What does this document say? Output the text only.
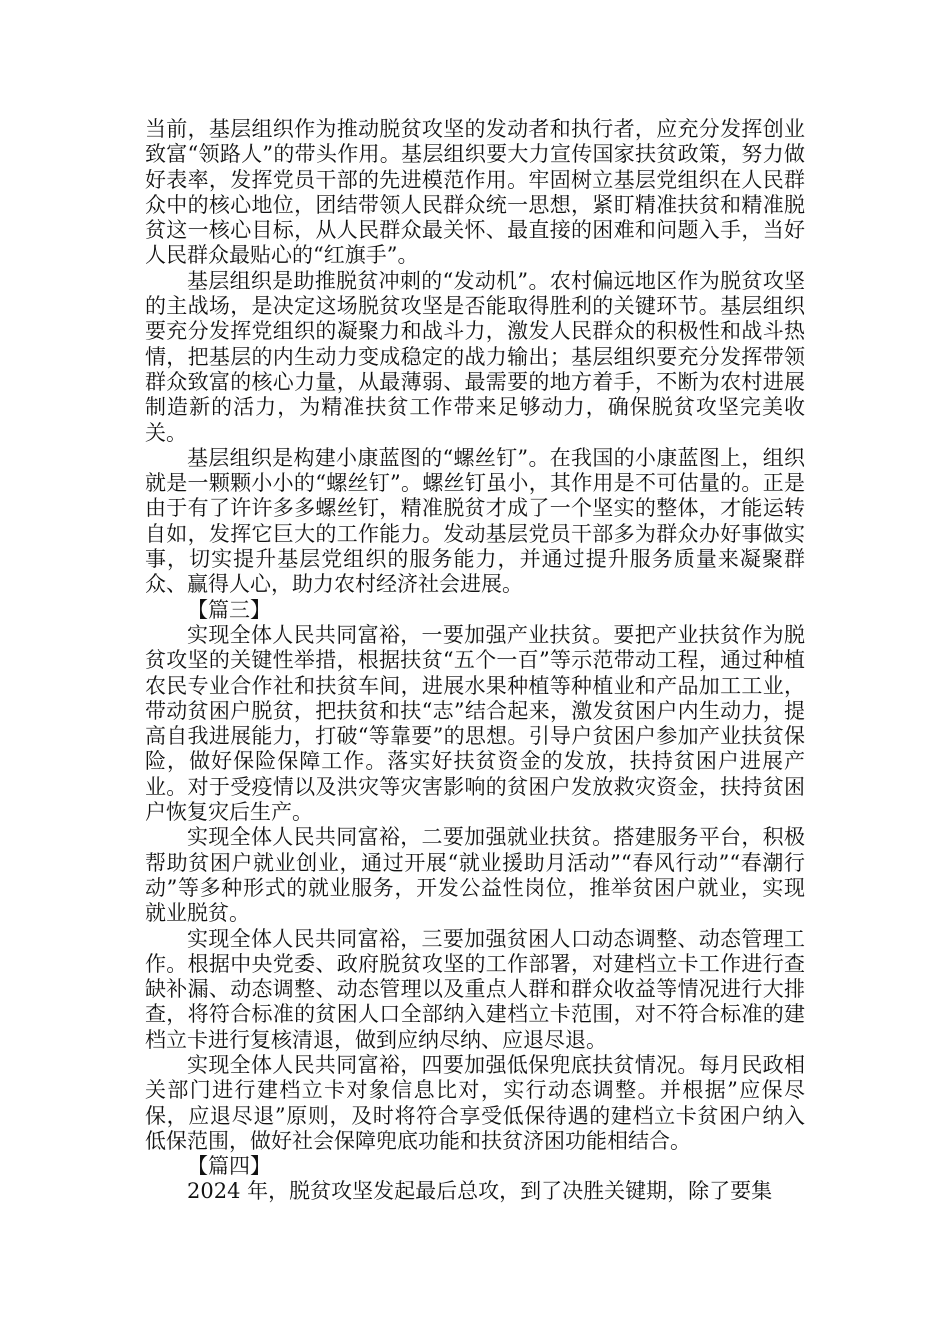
当前，基层组织作为推动脱贫攻坚的发动者和执行者，应充分发挥创业致富“领路人”的带头作用。基层组织要大力宣传国家扶贫政策，努力做好表率，发挥党员干部的先进模范作用。牢固树立基层党组织在人民群众中的核心地位，团结带领人民群众统一思想，紧盯精准扶贫和精准脱贫这一核心目标，从人民群众最关怀、最直接的困难和问题入手，当好人民群众最贴心的“红旗手”。

基层组织是助推脱贫冲刺的“发动机”。农村偏远地区作为脱贫攻坚的主战场，是决定这场脱贫攻坚是否能取得胜利的关键环节。基层组织要充分发挥党组织的凝聚力和战斗力，激发人民群众的积极性和战斗热情，把基层的内生动力变成稳定的战力输出；基层组织要充分发挥带领群众致富的核心力量，从最薄弱、最需要的地方着手，不断为农村进展制造新的活力，为精准扶贫工作带来足够动力，确保脱贫攻坚完美收关。

基层组织是构建小康蓝图的“螺丝钉”。在我国的小康蓝图上，组织就是一颗颗小小的“螺丝钉”。螺丝钉虽小，其作用是不可估量的。正是由于有了许许多多螺丝钉，精准脱贫才成了一个坚实的整体，才能运转自如，发挥它巨大的工作能力。发动基层党员干部多为群众办好事做实事，切实提升基层党组织的服务能力，并通过提升服务质量来凝聚群众、赢得人心，助力农村经济社会进展。

【篇三】

实现全体人民共同富裕，一要加强产业扶贫。要把产业扶贫作为脱贫攻坚的关键性举措，根据扶贫“五个一百”等示范带动工程，通过种植农民专业合作社和扶贫车间，进展水果种植等种植业和产品加工工业，带动贫困户脱贫，把扶贫和扶“志”结合起来，激发贫困户内生动力，提高自我进展能力，打破“等靠要”的思想。引导户贫困户参加产业扶贫保险，做好保险保障工作。落实好扶贫资金的发放，扶持贫困户进展产业。对于受疫情以及洪灾等灾害影响的贫困户发放救灾资金，扶持贫困户恢复灾后生产。

实现全体人民共同富裕，二要加强就业扶贫。搭建服务平台，积极帮助贫困户就业创业，通过开展“就业援助月活动”“春风行动”“春潮行动”等多种形式的就业服务，开发公益性岗位，推举贫困户就业，实现就业脱贫。

实现全体人民共同富裕，三要加强贫困人口动态调整、动态管理工作。根据中央党委、政府脱贫攻坚的工作部署，对建档立卡工作进行查缺补漏、动态调整、动态管理以及重点人群和群众收益等情况进行大排查，将符合标准的贫困人口全部纳入建档立卡范围，对不符合标准的建档立卡进行复核清退，做到应纳尽纳、应退尽退。

实现全体人民共同富裕，四要加强低保兜底扶贫情况。每月民政相关部门进行建档立卡对象信息比对，实行动态调整。并根据”应保尽保，应退尽退”原则，及时将符合享受低保待遇的建档立卡贫困户纳入低保范围，做好社会保障兜底功能和扶贫济困功能相结合。

【篇四】

2024 年，脱贫攻坚发起最后总攻，到了决胜关键期，除了要集
